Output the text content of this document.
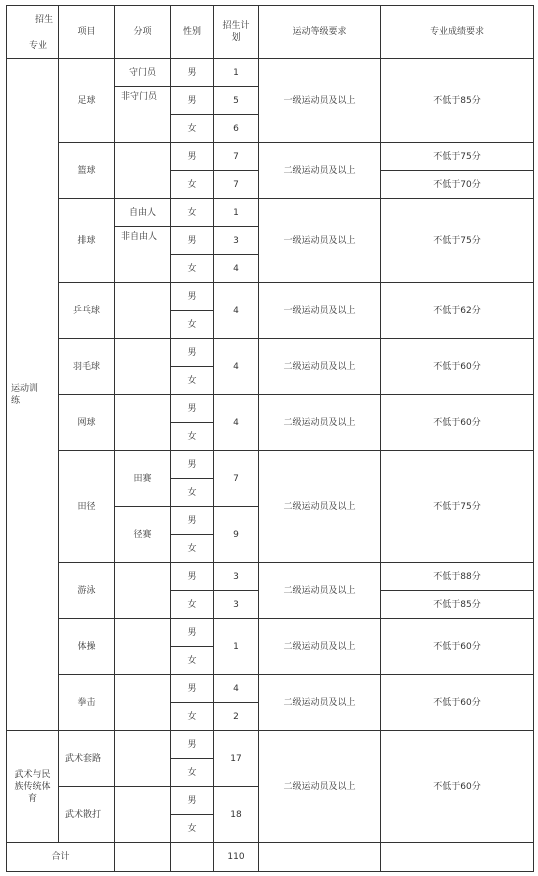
招生
专业	项目	分项	性别	招生计划	运动等级要求	专业成绩要求
运动训练	足球	守门员	男	1	一级运动员及以上	不低于85分
		非守门员	男	5		
			女	6		
	篮球		男	7	二级运动员及以上	不低于75分
			女	7		不低于70分
	排球	自由人	女	1	一级运动员及以上	不低于75分
		非自由人	男	3		
			女	4		
	乒乓球		男	4	一级运动员及以上	不低于62分
			女			
	羽毛球		男	4	二级运动员及以上	不低于60分
			女			
	网球		男	4	二级运动员及以上	不低于60分
			女			
	田径	田赛	男	7	二级运动员及以上	不低于75分
			女			
		径赛	男	9		
			女			
	游泳		男	3	二级运动员及以上	不低于88分
			女	3		不低于85分
	体操		男	1	二级运动员及以上	不低于60分
			女			
	拳击		男	4	二级运动员及以上	不低于60分
			女	2		
武术与民族传统体育	武术套路		男	17	二级运动员及以上	不低于60分
			女			
	武术散打		男	18		
			女			
合计				110		
